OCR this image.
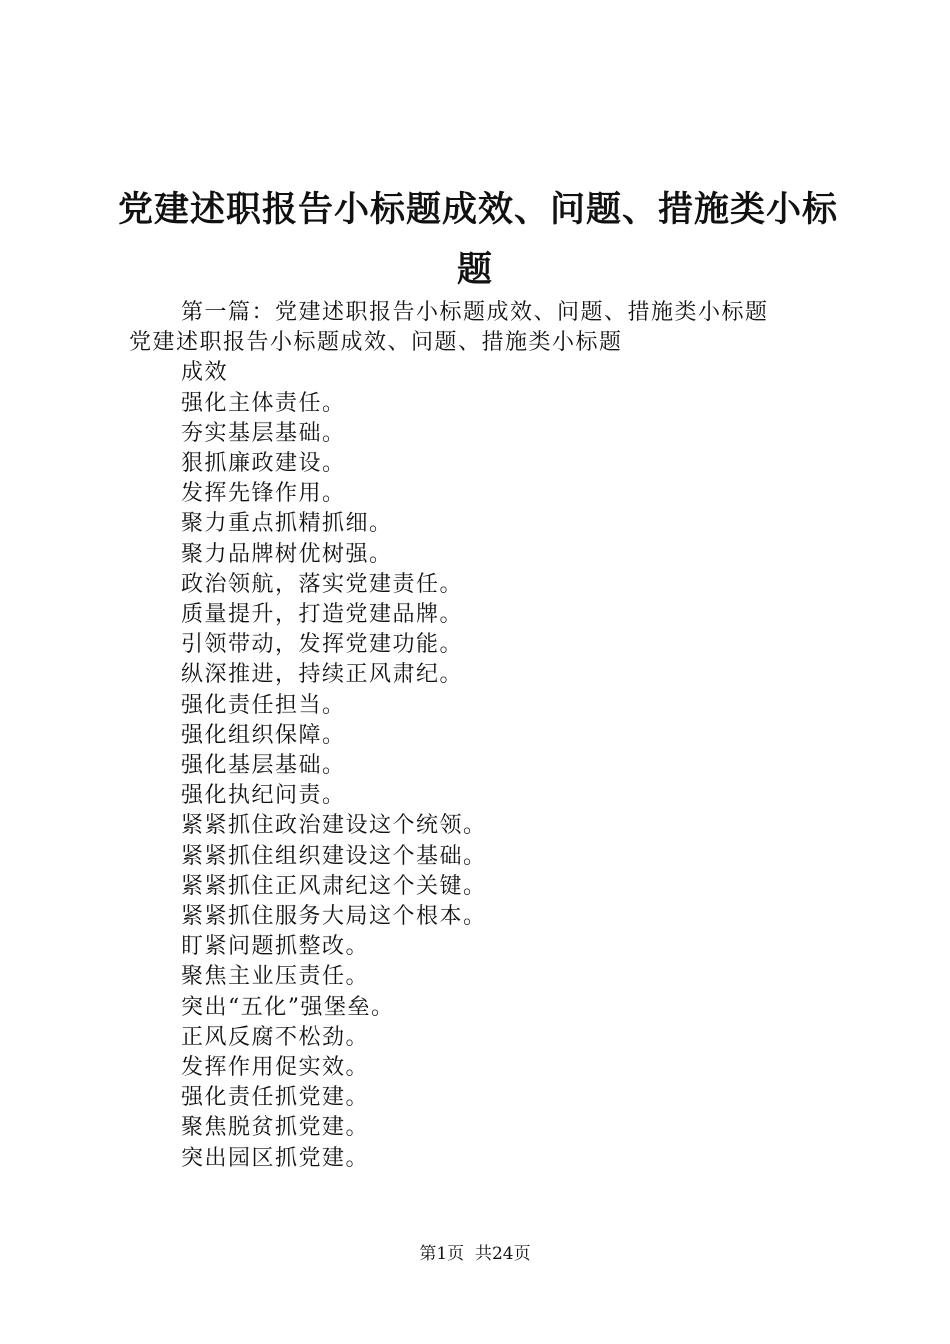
党建述职报告小标题成效、问题、措施类小标
题
第一篇：党建述职报告小标题成效、问题、措施类小标题
党建述职报告小标题成效、问题、措施类小标题
成效
强化主体责任。
夯实基层基础。
狠抓廉政建设。
发挥先锋作用。
聚力重点抓精抓细。
聚力品牌树优树强。
政治领航，落实党建责任。
质量提升，打造党建品牌。
引领带动，发挥党建功能。
纵深推进，持续正风肃纪。
强化责任担当。
强化组织保障。
强化基层基础。
强化执纪问责。
紧紧抓住政治建设这个统领。
紧紧抓住组织建设这个基础。
紧紧抓住正风肃纪这个关键。
紧紧抓住服务大局这个根本。
盯紧问题抓整改。
聚焦主业压责任。
突出“五化”强堡垒。
正风反腐不松劲。
发挥作用促实效。
强化责任抓党建。
聚焦脱贫抓党建。
突出园区抓党建。
第1页  共24页
